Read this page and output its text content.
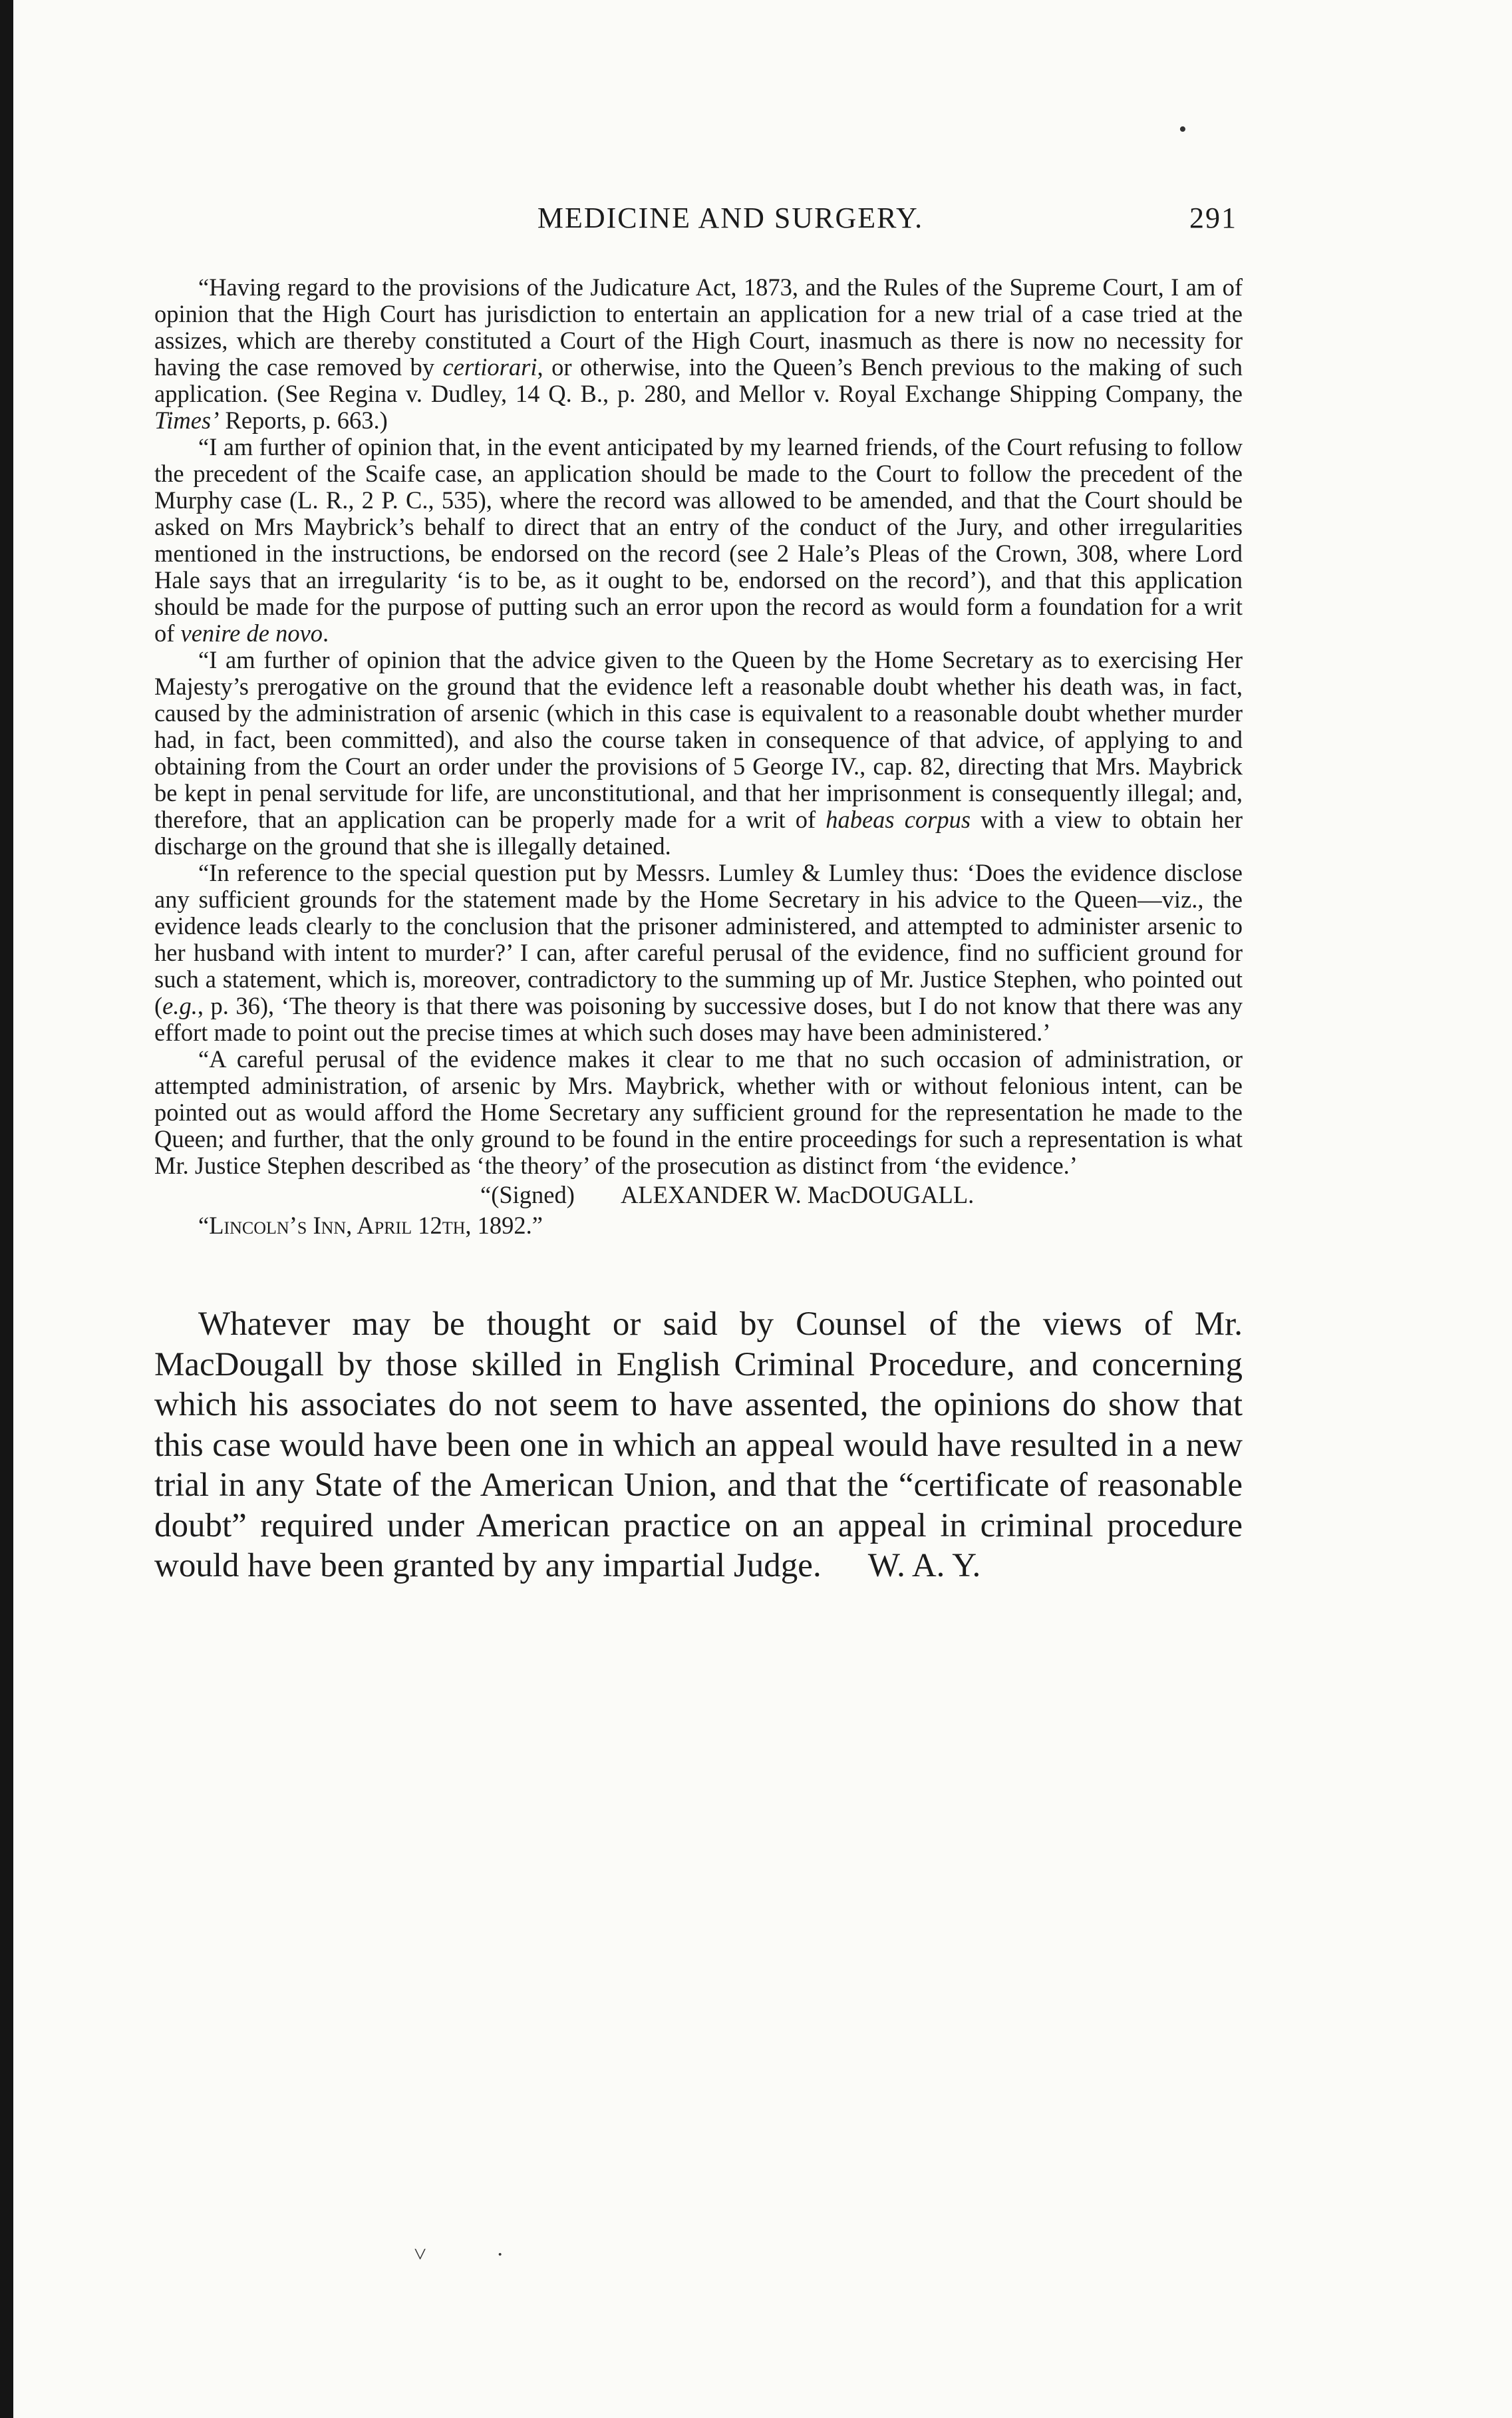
MEDICINE AND SURGERY.	291

“Having regard to the provisions of the Judicature Act, 1873, and the Rules of the Supreme Court, I am of opinion that the High Court has jurisdiction to entertain an application for a new trial of a case tried at the assizes, which are thereby constituted a Court of the High Court, inasmuch as there is now no necessity for having the case removed by certiorari, or otherwise, into the Queen’s Bench previous to the making of such application. (See Regina v. Dudley, 14 Q. B., p. 280, and Mellor v. Royal Exchange Shipping Company, the Times’ Reports, p. 663.)

“I am further of opinion that, in the event anticipated by my learned friends, of the Court refusing to follow the precedent of the Scaife case, an application should be made to the Court to follow the precedent of the Murphy case (L. R., 2 P. C., 535), where the record was allowed to be amended, and that the Court should be asked on Mrs Maybrick’s behalf to direct that an entry of the conduct of the Jury, and other irregularities mentioned in the instructions, be endorsed on the record (see 2 Hale’s Pleas of the Crown, 308, where Lord Hale says that an irregularity ‘is to be, as it ought to be, endorsed on the record’), and that this application should be made for the purpose of putting such an error upon the record as would form a foundation for a writ of venire de novo.

“I am further of opinion that the advice given to the Queen by the Home Secretary as to exercising Her Majesty’s prerogative on the ground that the evidence left a reasonable doubt whether his death was, in fact, caused by the administration of arsenic (which in this case is equivalent to a reasonable doubt whether murder had, in fact, been committed), and also the course taken in consequence of that advice, of applying to and obtaining from the Court an order under the provisions of 5 George IV., cap. 82, directing that Mrs. Maybrick be kept in penal servitude for life, are unconstitutional, and that her imprisonment is consequently illegal; and, therefore, that an application can be properly made for a writ of habeas corpus with a view to obtain her discharge on the ground that she is illegally detained.

“In reference to the special question put by Messrs. Lumley & Lumley thus: ‘Does the evidence disclose any sufficient grounds for the statement made by the Home Secretary in his advice to the Queen—viz., the evidence leads clearly to the conclusion that the prisoner administered, and attempted to administer arsenic to her husband with intent to murder?’ I can, after careful perusal of the evidence, find no sufficient ground for such a statement, which is, moreover, contradictory to the summing up of Mr. Justice Stephen, who pointed out (e.g., p. 36), ‘The theory is that there was poisoning by successive doses, but I do not know that there was any effort made to point out the precise times at which such doses may have been administered.’

“A careful perusal of the evidence makes it clear to me that no such occasion of administration, or attempted administration, of arsenic by Mrs. Maybrick, whether with or without felonious intent, can be pointed out as would afford the Home Secretary any sufficient ground for the representation he made to the Queen; and further, that the only ground to be found in the entire proceedings for such a representation is what Mr. Justice Stephen described as ‘the theory’ of the prosecution as distinct from ‘the evidence.’

“(Signed) ALEXANDER W. MacDOUGALL.
“Lincoln’s Inn, April 12th, 1892.”

Whatever may be thought or said by Counsel of the views of Mr. MacDougall by those skilled in English Criminal Procedure, and concerning which his associates do not seem to have assented, the opinions do show that this case would have been one in which an appeal would have resulted in a new trial in any State of the American Union, and that the “certificate of reasonable doubt” required under American practice on an appeal in criminal procedure would have been granted by any impartial Judge. W. A. Y.

•
˅	·
